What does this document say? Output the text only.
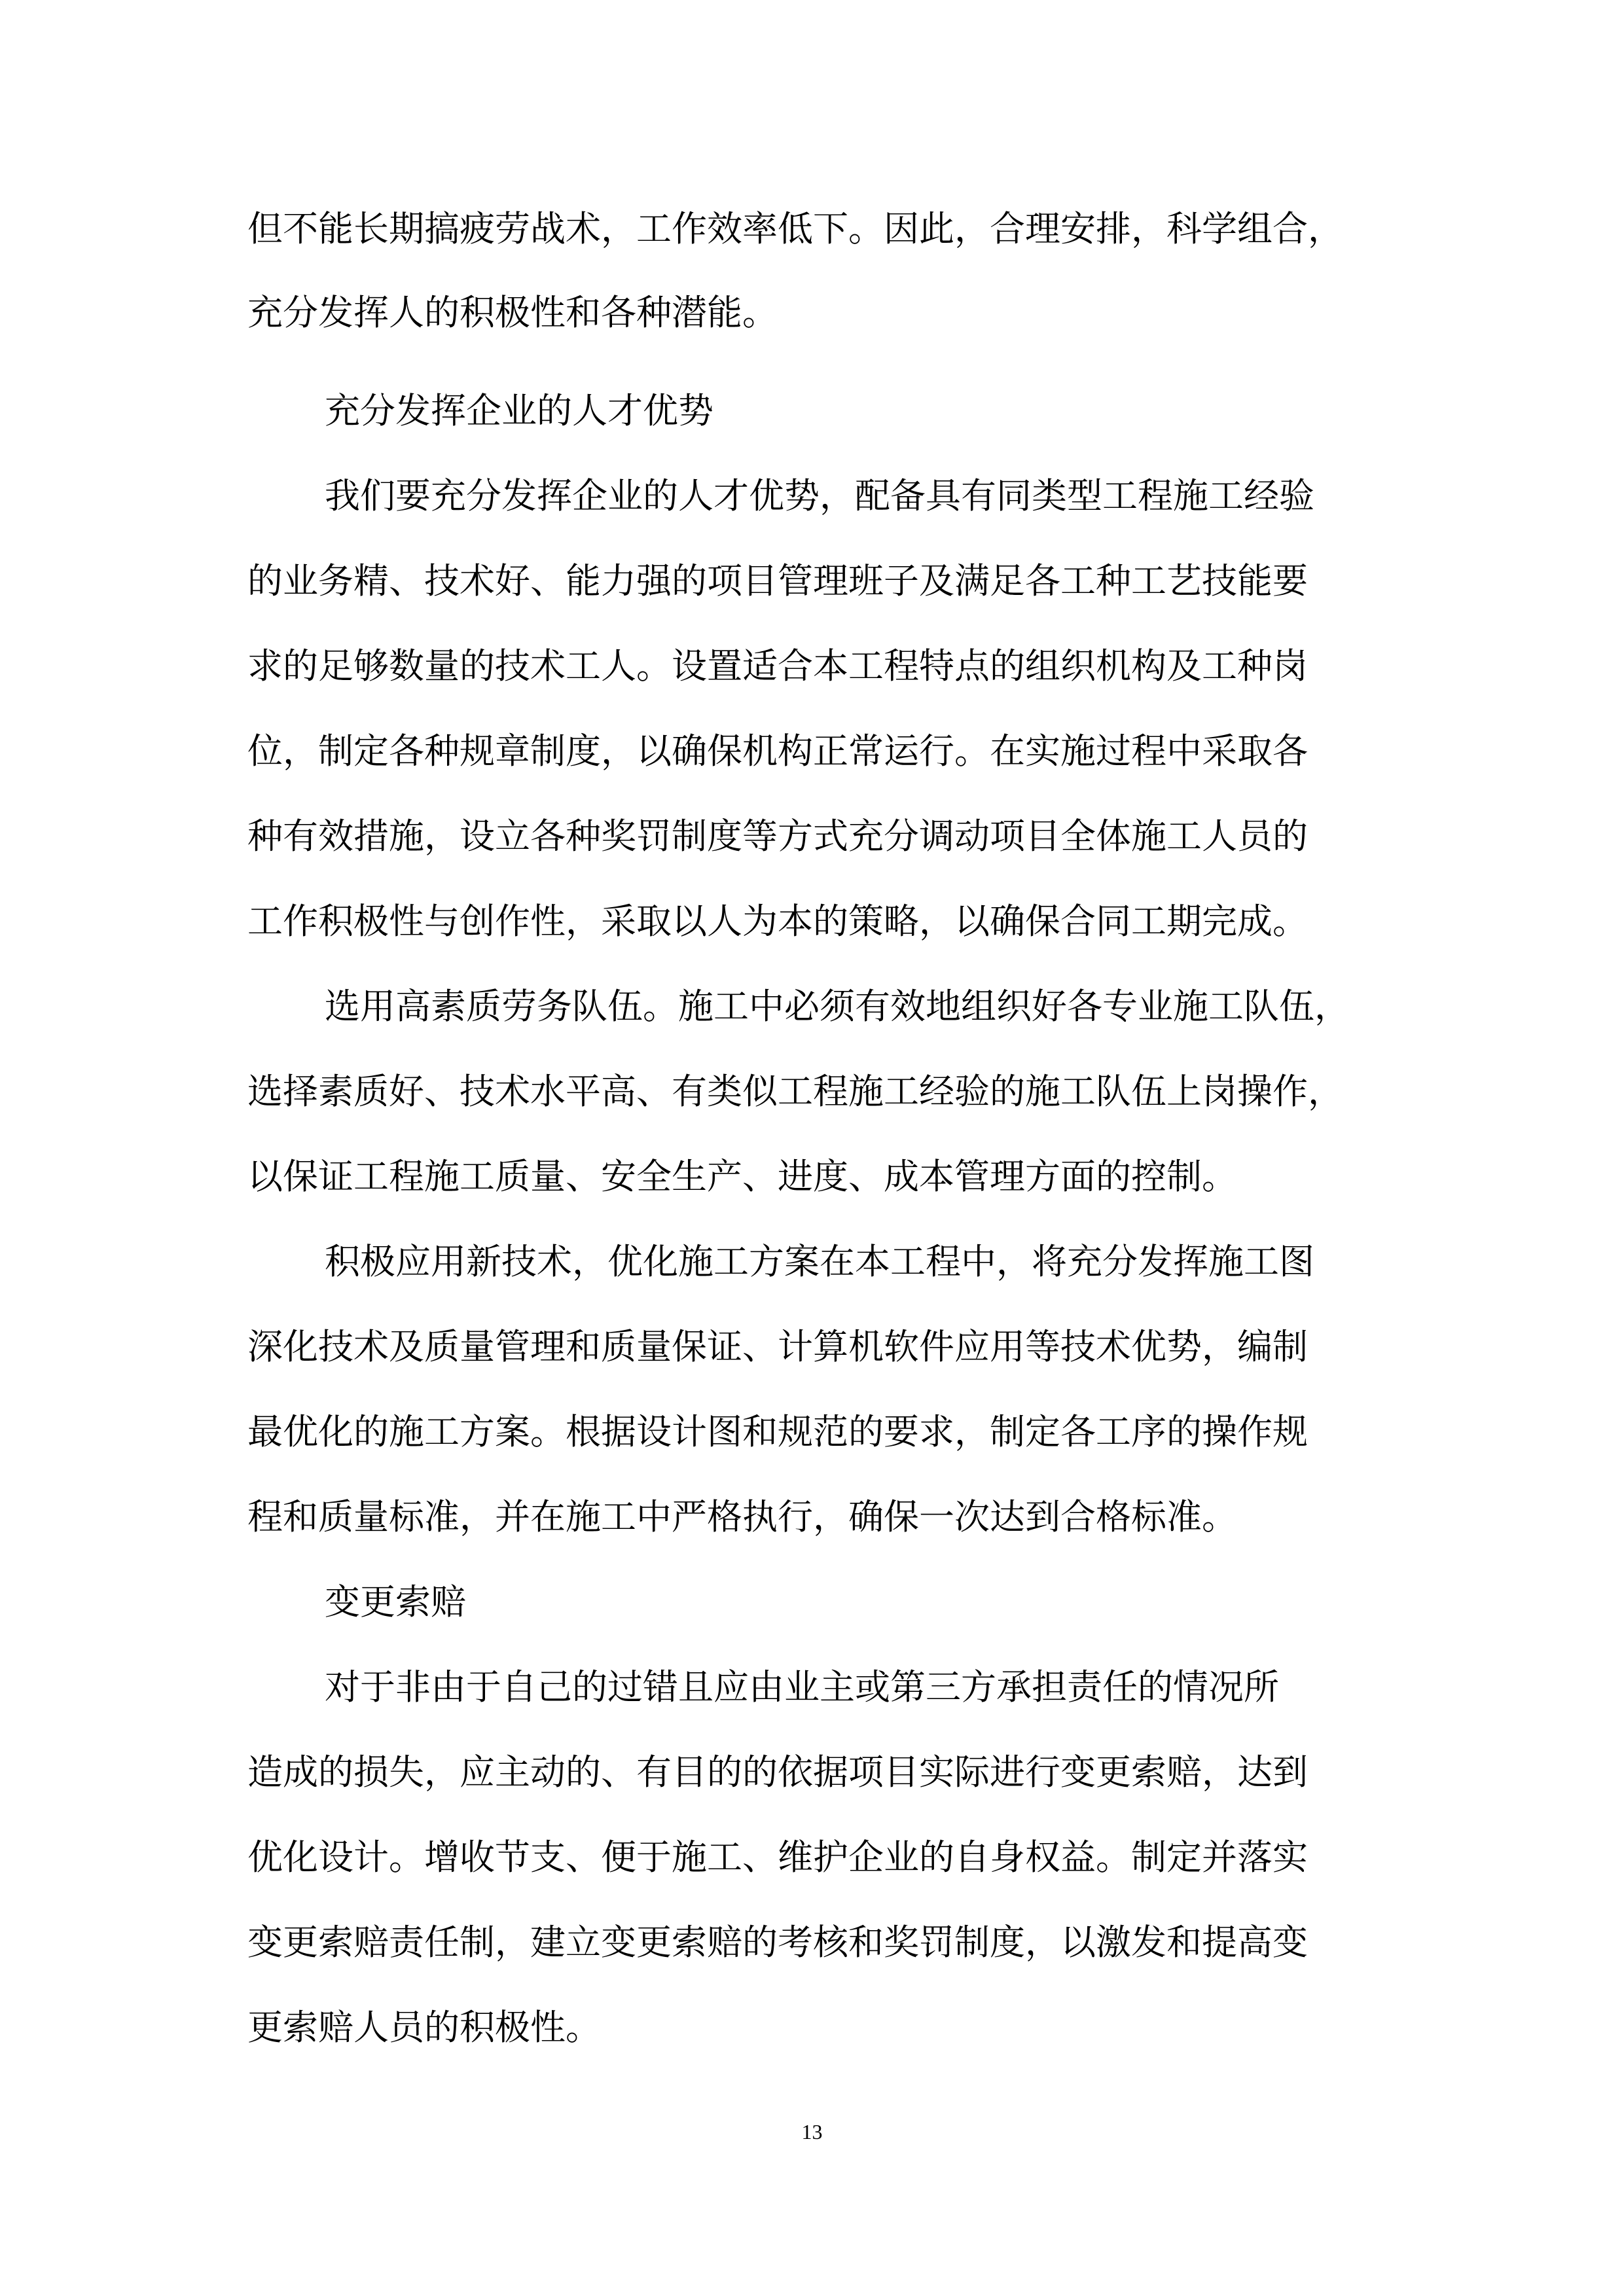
但不能长期搞疲劳战术，工作效率低下。因此，合理安排，科学组合，

充分发挥人的积极性和各种潜能。

充分发挥企业的人才优势

我们要充分发挥企业的人才优势，配备具有同类型工程施工经验

的业务精、技术好、能力强的项目管理班子及满足各工种工艺技能要

求的足够数量的技术工人。设置适合本工程特点的组织机构及工种岗

位，制定各种规章制度，以确保机构正常运行。在实施过程中采取各

种有效措施，设立各种奖罚制度等方式充分调动项目全体施工人员的

工作积极性与创作性，采取以人为本的策略，以确保合同工期完成。

选用高素质劳务队伍。施工中必须有效地组织好各专业施工队伍，

选择素质好、技术水平高、有类似工程施工经验的施工队伍上岗操作，

以保证工程施工质量、安全生产、进度、成本管理方面的控制。

积极应用新技术，优化施工方案在本工程中，将充分发挥施工图

深化技术及质量管理和质量保证、计算机软件应用等技术优势，编制

最优化的施工方案。根据设计图和规范的要求，制定各工序的操作规

程和质量标准，并在施工中严格执行，确保一次达到合格标准。

变更索赔

对于非由于自己的过错且应由业主或第三方承担责任的情况所

造成的损失，应主动的、有目的的依据项目实际进行变更索赔，达到

优化设计。增收节支、便于施工、维护企业的自身权益。制定并落实

变更索赔责任制，建立变更索赔的考核和奖罚制度，以激发和提高变

更索赔人员的积极性。

13
